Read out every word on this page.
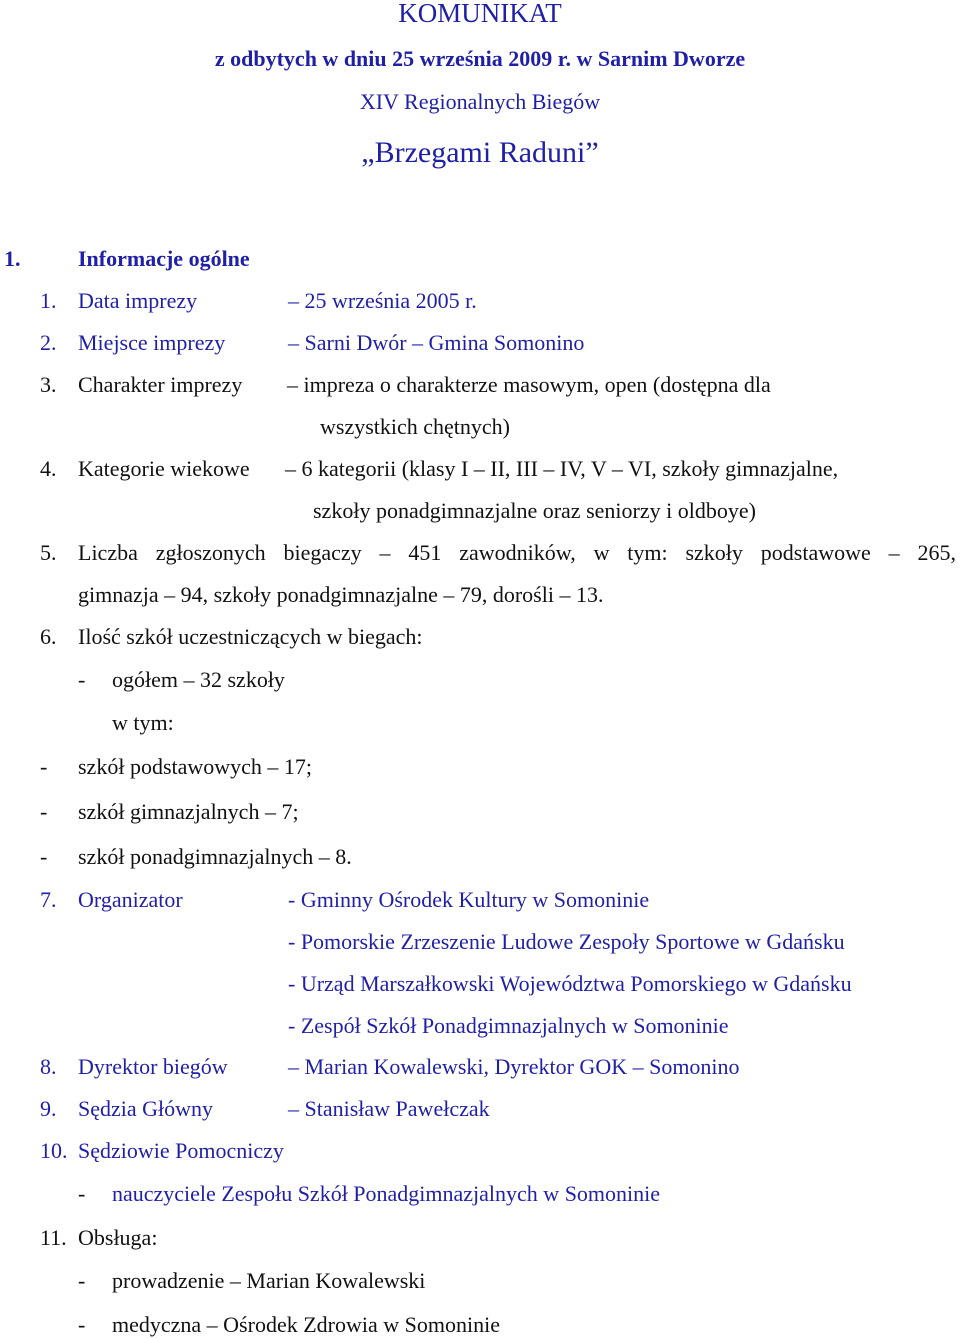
KOMUNIKAT
z odbytych w dniu 25 września 2009 r. w Sarnim Dworze
XIV Regionalnych Biegów
„Brzegami Raduni”
1.	Informacje ogólne
1. Data imprezy	– 25 września 2005 r.
2. Miejsce imprezy	– Sarni Dwór – Gmina Somonino
3. Charakter imprezy – impreza o charakterze masowym, open (dostępna dla
wszystkich chętnych)
4. Kategorie wiekowe – 6 kategorii (klasy I – II, III – IV, V – VI, szkoły gimnazjalne,
szkoły ponadgimnazjalne oraz seniorzy i oldboye)
5. Liczba zgłoszonych biegaczy – 451 zawodników, w tym: szkoły podstawowe – 265,
gimnazja – 94, szkoły ponadgimnazjalne – 79, dorośli – 13.
6. Ilość szkół uczestniczących w biegach:
- ogółem – 32 szkoły
w tym:
- szkół podstawowych – 17;
- szkół gimnazjalnych – 7;
- szkół ponadgimnazjalnych – 8.
7. Organizator	- Gminny Ośrodek Kultury w Somoninie
- Pomorskie Zrzeszenie Ludowe Zespoły Sportowe w Gdańsku
- Urząd Marszałkowski Województwa Pomorskiego w Gdańsku
- Zespół Szkół Ponadgimnazjalnych w Somoninie
8. Dyrektor biegów	– Marian Kowalewski, Dyrektor GOK – Somonino
9. Sędzia Główny	– Stanisław Pawełczak
10. Sędziowie Pomocniczy
- nauczyciele Zespołu Szkół Ponadgimnazjalnych w Somoninie
11. Obsługa:
- prowadzenie – Marian Kowalewski
- medyczna – Ośrodek Zdrowia w Somoninie
